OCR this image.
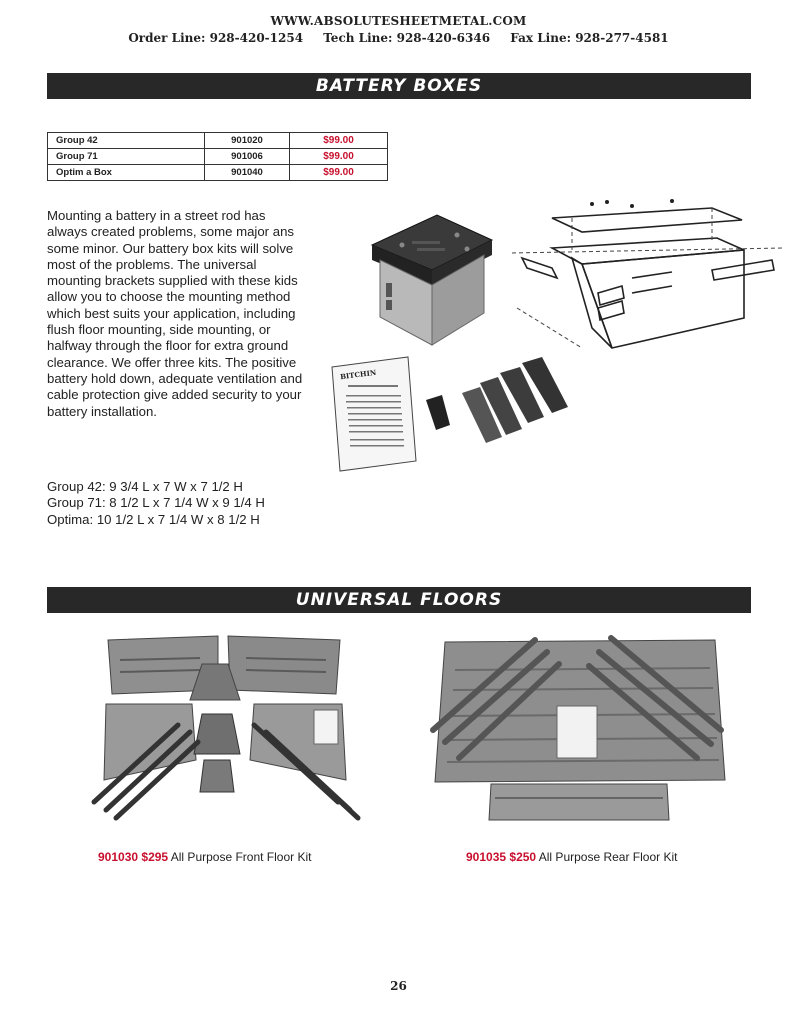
WWW.ABSOLUTESHEETMETAL.COM
Order Line: 928-420-1254 Tech Line: 928-420-6346 Fax Line: 928-277-4581
BATTERY BOXES
Group 42	901020	$99.00
Group 71	901006	$99.00
Optim a Box	901040	$99.00
Mounting a battery in a street rod has always created problems, some major ans some minor. Our battery box kits will solve most of the problems. The universal mounting brackets supplied with these kids allow you to choose the mounting method which best suits your application, including flush floor mounting, side mounting, or halfway through the floor for extra ground clearance. We offer three kits. The positive battery hold down, adequate ventilation and cable protection give added security to your battery installation.
Group 42: 9 3/4 L x 7 W x 7 1/2 H
Group 71: 8 1/2 L x 7 1/4 W x 9 1/4 H
Optima: 10 1/2 L x 7 1/4 W x 8 1/2 H
BITCHIN
UNIVERSAL FLOORS
901030 $295 All Purpose Front Floor Kit	901035 $250 All Purpose Rear Floor Kit
26
